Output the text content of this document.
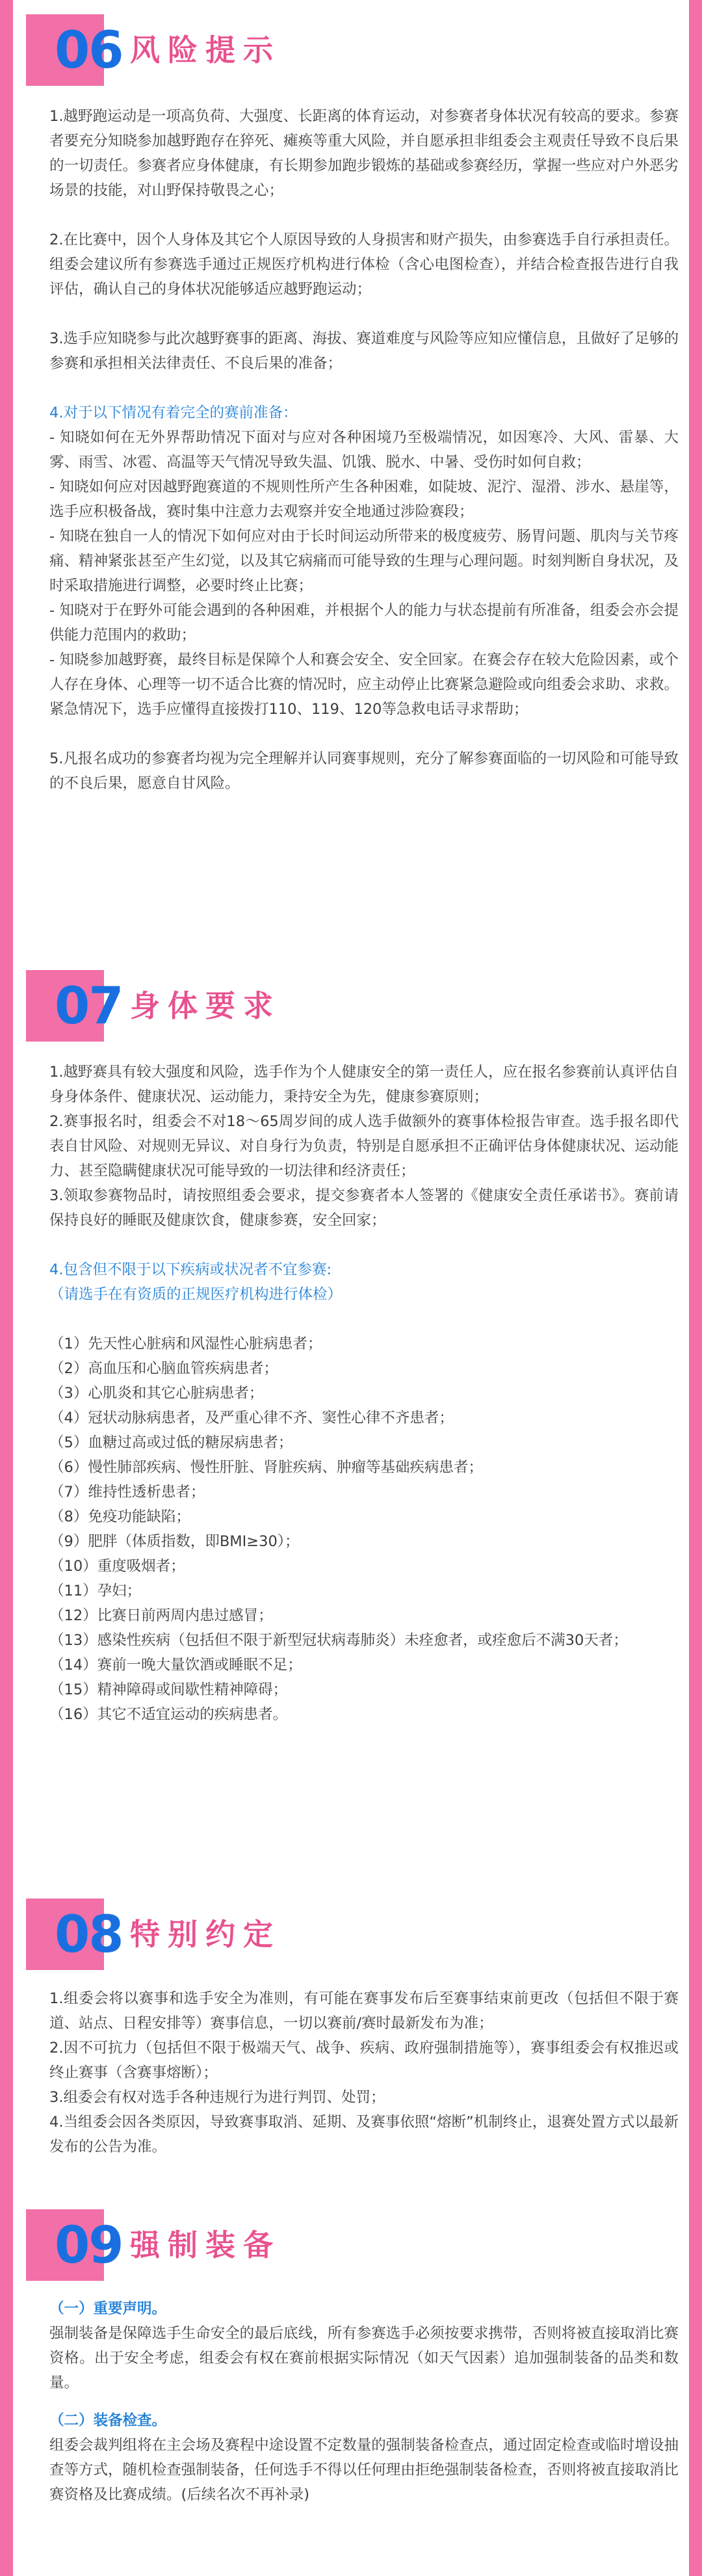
06 风险提示

1.越野跑运动是一项高负荷、大强度、长距离的体育运动，对参赛者身体状况有较高的要求。参赛者要充分知晓参加越野跑存在猝死、瘫痪等重大风险，并自愿承担非组委会主观责任导致不良后果的一切责任。参赛者应身体健康，有长期参加跑步锻炼的基础或参赛经历，掌握一些应对户外恶劣场景的技能，对山野保持敬畏之心；

2.在比赛中，因个人身体及其它个人原因导致的人身损害和财产损失，由参赛选手自行承担责任。组委会建议所有参赛选手通过正规医疗机构进行体检（含心电图检查），并结合检查报告进行自我评估，确认自己的身体状况能够适应越野跑运动；

3.选手应知晓参与此次越野赛事的距离、海拔、赛道难度与风险等应知应懂信息，且做好了足够的参赛和承担相关法律责任、不良后果的准备；

4.对于以下情况有着完全的赛前准备：

- 知晓如何在无外界帮助情况下面对与应对各种困境乃至极端情况，如因寒冷、大风、雷暴、大雾、雨雪、冰雹、高温等天气情况导致失温、饥饿、脱水、中暑、受伤时如何自救；

- 知晓如何应对因越野跑赛道的不规则性所产生各种困难，如陡坡、泥泞、湿滑、涉水、悬崖等，选手应积极备战，赛时集中注意力去观察并安全地通过涉险赛段；

- 知晓在独自一人的情况下如何应对由于长时间运动所带来的极度疲劳、肠胃问题、肌肉与关节疼痛、精神紧张甚至产生幻觉，以及其它病痛而可能导致的生理与心理问题。时刻判断自身状况，及时采取措施进行调整，必要时终止比赛；

- 知晓对于在野外可能会遇到的各种困难，并根据个人的能力与状态提前有所准备，组委会亦会提供能力范围内的救助；

- 知晓参加越野赛，最终目标是保障个人和赛会安全、安全回家。在赛会存在较大危险因素，或个人存在身体、心理等一切不适合比赛的情况时，应主动停止比赛紧急避险或向组委会求助、求救。紧急情况下，选手应懂得直接拨打110、119、120等急救电话寻求帮助；

5.凡报名成功的参赛者均视为完全理解并认同赛事规则，充分了解参赛面临的一切风险和可能导致的不良后果，愿意自甘风险。

07 身体要求

1.越野赛具有较大强度和风险，选手作为个人健康安全的第一责任人，应在报名参赛前认真评估自身身体条件、健康状况、运动能力，秉持安全为先，健康参赛原则；

2.赛事报名时，组委会不对18～65周岁间的成人选手做额外的赛事体检报告审查。选手报名即代表自甘风险、对规则无异议、对自身行为负责，特别是自愿承担不正确评估身体健康状况、运动能力、甚至隐瞒健康状况可能导致的一切法律和经济责任；

3.领取参赛物品时，请按照组委会要求，提交参赛者本人签署的《健康安全责任承诺书》。赛前请保持良好的睡眠及健康饮食，健康参赛，安全回家；

4.包含但不限于以下疾病或状况者不宜参赛:

（请选手在有资质的正规医疗机构进行体检）

（1）先天性心脏病和风湿性心脏病患者；

（2）高血压和心脑血管疾病患者；

（3）心肌炎和其它心脏病患者；

（4）冠状动脉病患者，及严重心律不齐、窦性心律不齐患者；

（5）血糖过高或过低的糖尿病患者；

（6）慢性肺部疾病、慢性肝脏、肾脏疾病、肿瘤等基础疾病患者；

（7）维持性透析患者；

（8）免疫功能缺陷；

（9）肥胖（体质指数，即BMI≥30）；

（10）重度吸烟者；

（11）孕妇；

（12）比赛日前两周内患过感冒；

（13）感染性疾病（包括但不限于新型冠状病毒肺炎）未痊愈者，或痊愈后不满30天者；

（14）赛前一晚大量饮酒或睡眠不足；

（15）精神障碍或间歇性精神障碍；

（16）其它不适宜运动的疾病患者。

08 特别约定

1.组委会将以赛事和选手安全为准则，有可能在赛事发布后至赛事结束前更改（包括但不限于赛道、站点、日程安排等）赛事信息，一切以赛前/赛时最新发布为准；

2.因不可抗力（包括但不限于极端天气、战争、疾病、政府强制措施等），赛事组委会有权推迟或终止赛事（含赛事熔断）；

3.组委会有权对选手各种违规行为进行判罚、处罚；

4.当组委会因各类原因，导致赛事取消、延期、及赛事依照“熔断”机制终止，退赛处置方式以最新发布的公告为准。

09 强制装备

（一）重要声明。

强制装备是保障选手生命安全的最后底线，所有参赛选手必须按要求携带，否则将被直接取消比赛资格。出于安全考虑，组委会有权在赛前根据实际情况（如天气因素）追加强制装备的品类和数量。

（二）装备检查。

组委会裁判组将在主会场及赛程中途设置不定数量的强制装备检查点，通过固定检查或临时增设抽查等方式，随机检查强制装备，任何选手不得以任何理由拒绝强制装备检查，否则将被直接取消比赛资格及比赛成绩。(后续名次不再补录)
